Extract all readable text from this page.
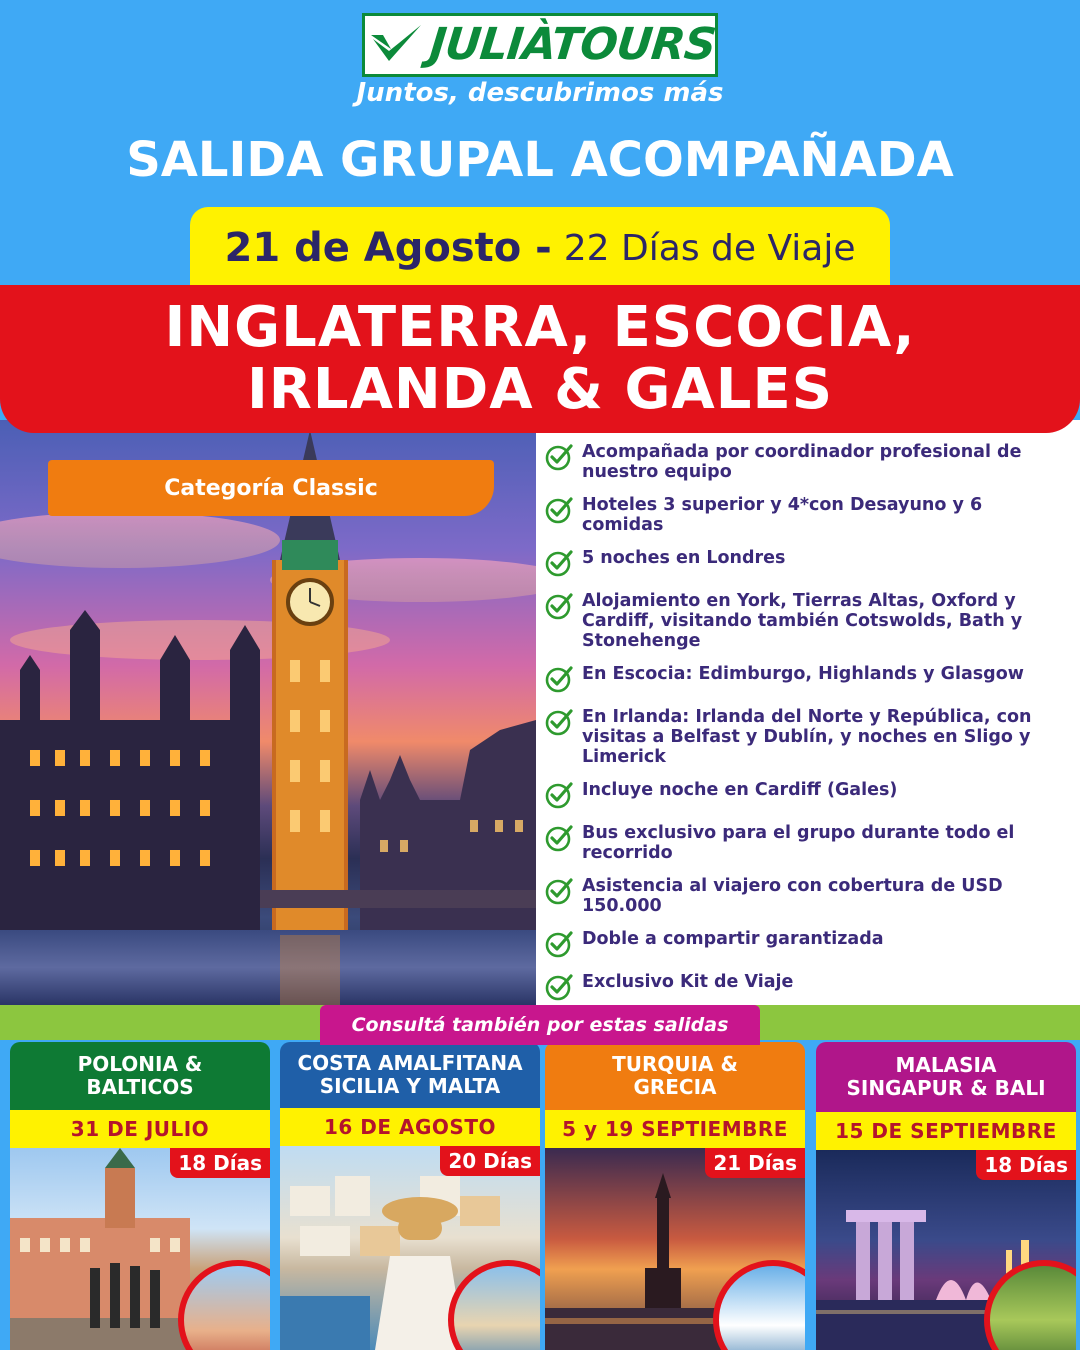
JULIÀTOURS
Juntos, descubrimos más
SALIDA GRUPAL ACOMPAÑADA
21 de Agosto - 22 Días de Viaje
INGLATERRA, ESCOCIA,
IRLANDA & GALES
Categoría Classic
Acompañada por coordinador profesional de nuestro equipo
Hoteles 3 superior y 4*con Desayuno y 6 comidas
5 noches en Londres
Alojamiento en York, Tierras Altas, Oxford y Cardiff, visitando también Cotswolds, Bath y Stonehenge
En Escocia: Edimburgo, Highlands y Glasgow
En Irlanda: Irlanda del Norte y República, con visitas a Belfast y Dublín, y noches en Sligo y Limerick
Incluye noche en Cardiff (Gales)
Bus exclusivo para el grupo durante todo el recorrido
Asistencia al viajero con cobertura de USD 150.000
Doble a compartir garantizada
Exclusivo Kit de Viaje
Consultá también por estas salidas
POLONIA &
BALTICOS
31 DE JULIO
18 Días
COSTA AMALFITANA
SICILIA Y MALTA
16 DE AGOSTO
20 Días
TURQUIA &
GRECIA
5 y 19 SEPTIEMBRE
21 Días
MALASIA
SINGAPUR & BALI
15 DE SEPTIEMBRE
18 Días
